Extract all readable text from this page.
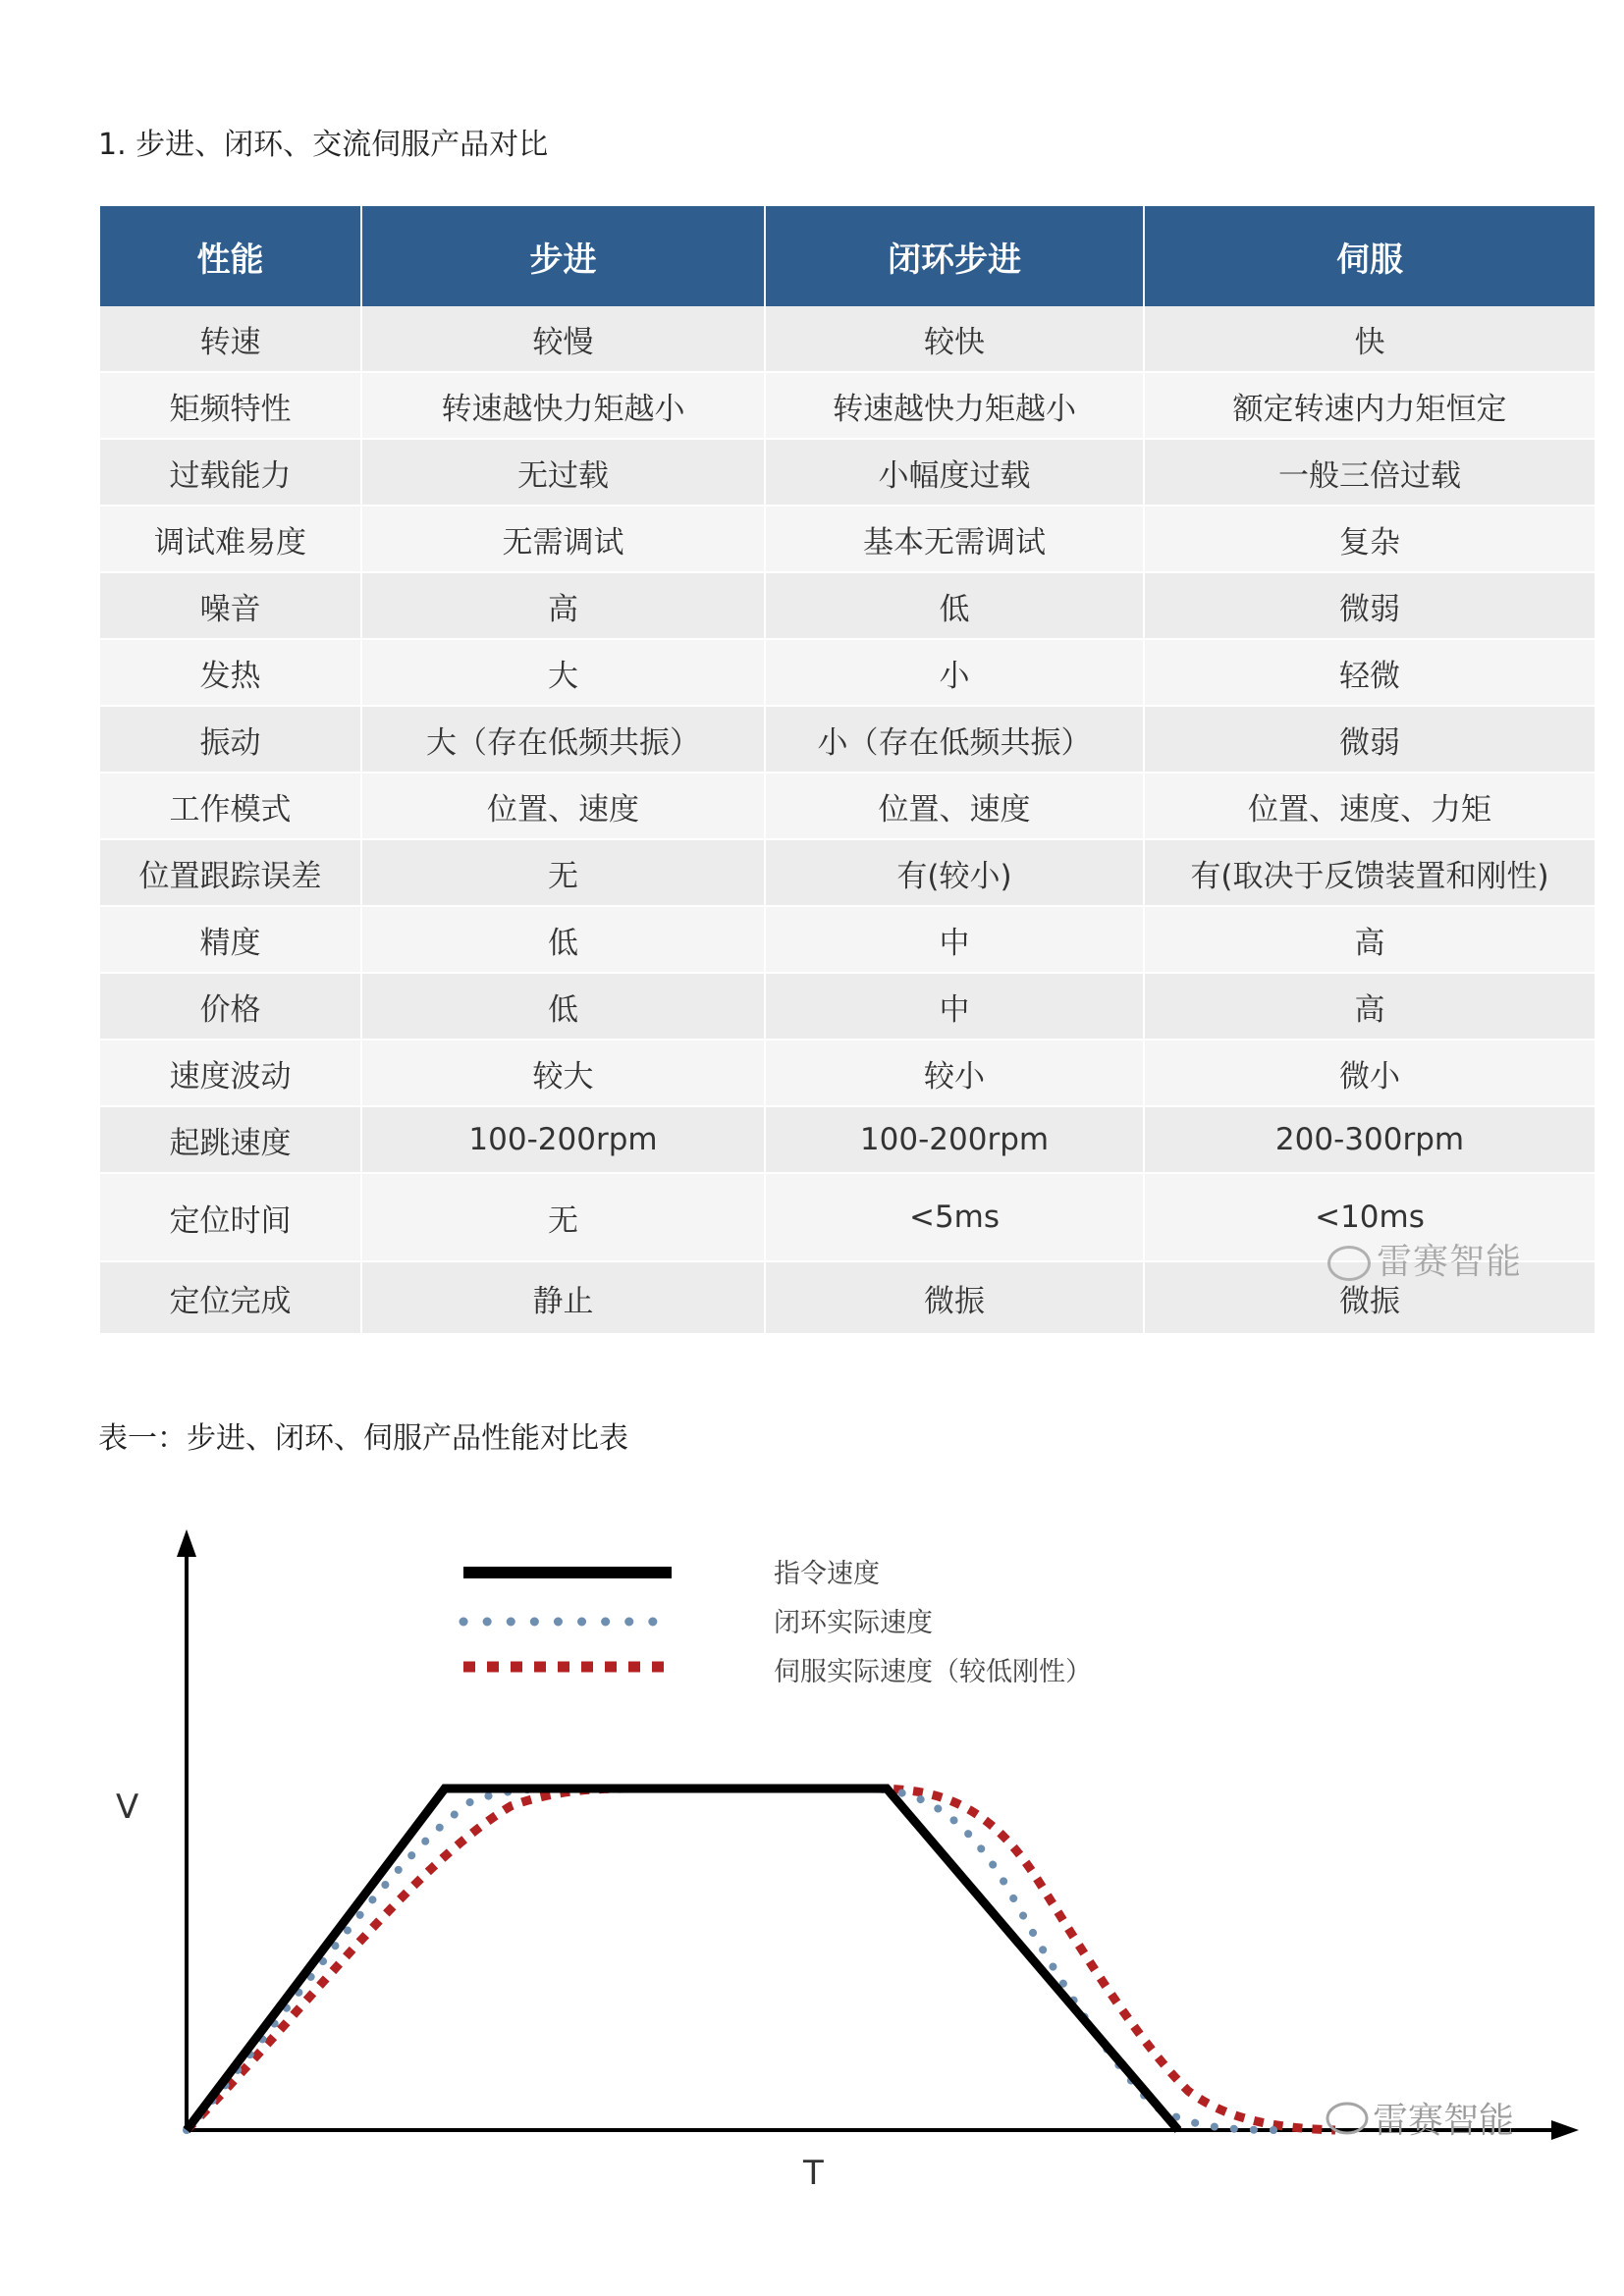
1. 步进、闭环、交流伺服产品对比
性能	步进	闭环步进	伺服
转速	较慢	较快	快
矩频特性	转速越快力矩越小	转速越快力矩越小	额定转速内力矩恒定
过载能力	无过载	小幅度过载	一般三倍过载
调试难易度	无需调试	基本无需调试	复杂
噪音	高	低	微弱
发热	大	小	轻微
振动	大（存在低频共振）	小（存在低频共振）	微弱
工作模式	位置、速度	位置、速度	位置、速度、力矩
位置跟踪误差	无	有(较小)	有(取决于反馈装置和刚性)
精度	低	中	高
价格	低	中	高
速度波动	较大	较小	微小
起跳速度	100-200rpm	100-200rpm	200-300rpm
定位时间	无	<5ms	<10ms
定位完成	静止	微振	微振
雷赛智能
表一：步进、闭环、伺服产品性能对比表
V
T
指令速度
闭环实际速度
伺服实际速度（较低刚性）
雷赛智能
